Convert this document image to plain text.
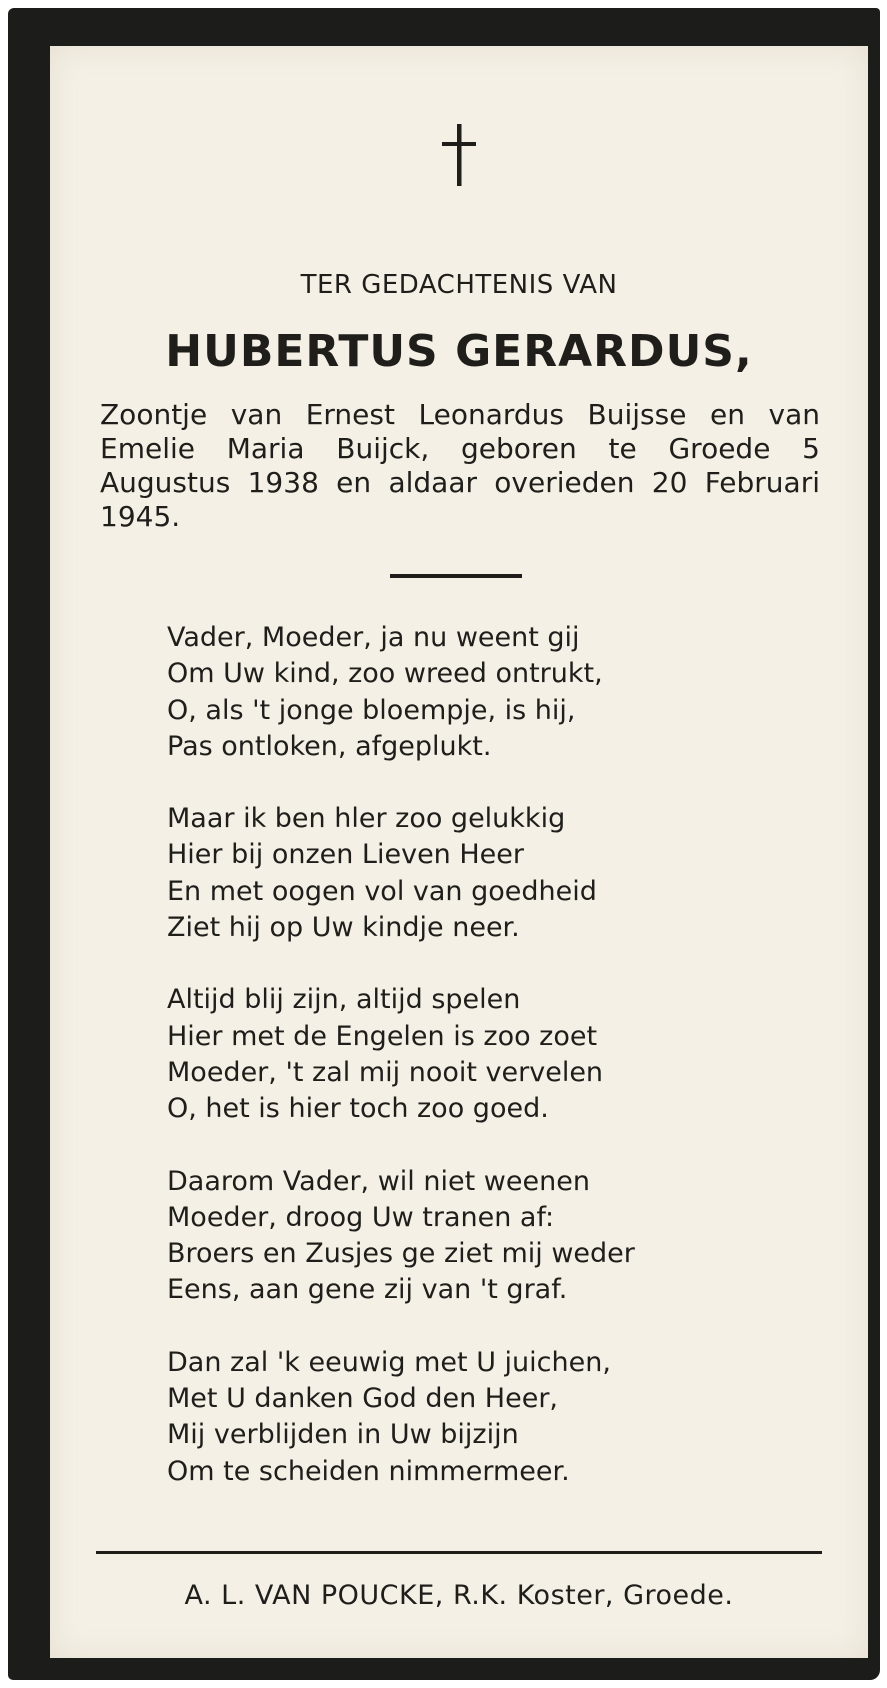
TER GEDACHTENIS VAN
HUBERTUS GERARDUS,

Zoontje van Ernest Leonardus Buijsse en van Emelie Maria Buijck, geboren te Groede 5 Augustus 1938 en aldaar overieden 20 Februari 1945.

Vader, Moeder, ja nu weent gij
Om Uw kind, zoo wreed ontrukt,
O, als 't jonge bloempje, is hij,
Pas ontloken, afgeplukt.
Maar ik ben hler zoo gelukkig
Hier bij onzen Lieven Heer
En met oogen vol van goedheid
Ziet hij op Uw kindje neer.
Altijd blij zijn, altijd spelen
Hier met de Engelen is zoo zoet
Moeder, 't zal mij nooit vervelen
O, het is hier toch zoo goed.
Daarom Vader, wil niet weenen
Moeder, droog Uw tranen af:
Broers en Zusjes ge ziet mij weder
Eens, aan gene zij van 't graf.
Dan zal 'k eeuwig met U juichen,
Met U danken God den Heer,
Mij verblijden in Uw bijzijn
Om te scheiden nimmermeer.

A. L. VAN POUCKE, R.K. Koster, Groede.
